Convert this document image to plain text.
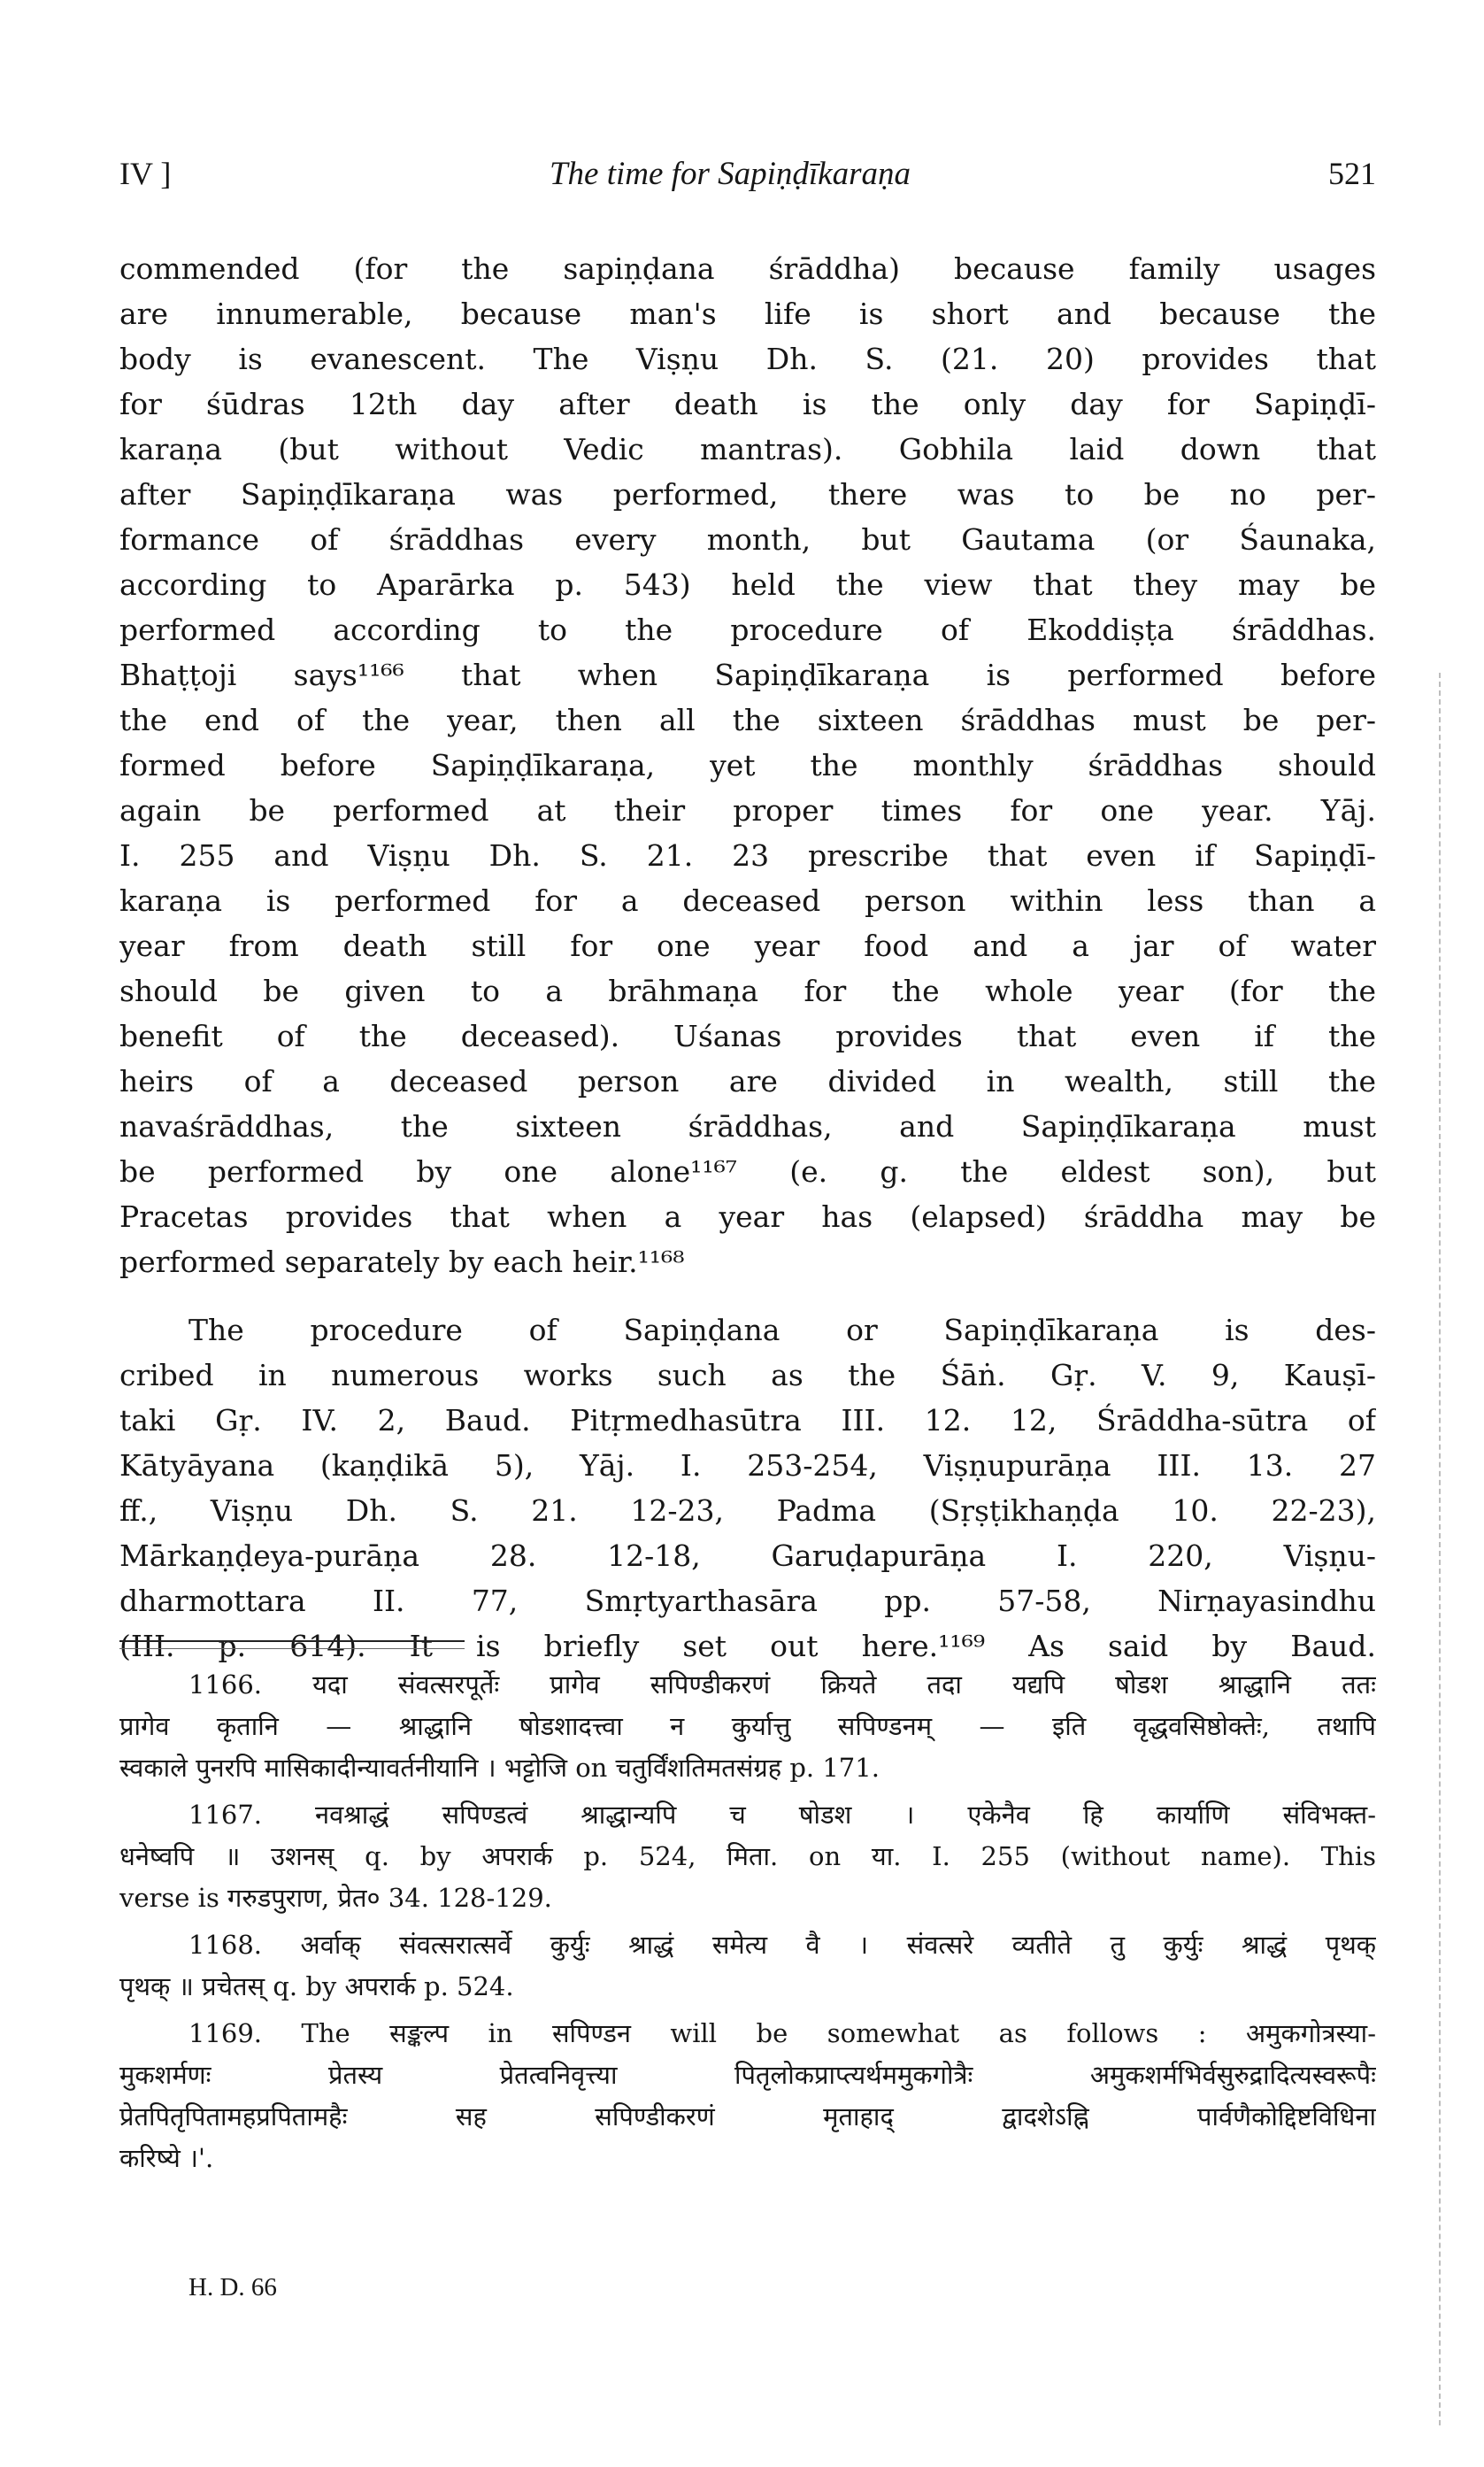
IV ]	The time for Sapiṇḍīkaraṇa	521
commended (for the sapiṇḍana śrāddha) because family usages
are innumerable, because man's life is short and because the
body is evanescent. The Viṣṇu Dh. S. (21. 20) provides that
for śūdras 12th day after death is the only day for Sapiṇḍī-
karaṇa (but without Vedic mantras). Gobhila laid down that
after Sapiṇḍīkaraṇa was performed, there was to be no per-
formance of śrāddhas every month, but Gautama (or Śaunaka,
according to Aparārka p. 543) held the view that they may be
performed according to the procedure of Ekoddiṣṭa śrāddhas.
Bhaṭṭoji says¹¹⁶⁶ that when Sapiṇḍīkaraṇa is performed before
the end of the year, then all the sixteen śrāddhas must be per-
formed before Sapiṇḍīkaraṇa, yet the monthly śrāddhas should
again be performed at their proper times for one year. Yāj.
I. 255 and Viṣṇu Dh. S. 21. 23 prescribe that even if Sapiṇḍī-
karaṇa is performed for a deceased person within less than a
year from death still for one year food and a jar of water
should be given to a brāhmaṇa for the whole year (for the
benefit of the deceased). Uśanas provides that even if the
heirs of a deceased person are divided in wealth, still the
navaśrāddhas, the sixteen śrāddhas, and Sapiṇḍīkaraṇa must
be performed by one alone¹¹⁶⁷ (e. g. the eldest son), but
Pracetas provides that when a year has (elapsed) śrāddha may be
performed separately by each heir.¹¹⁶⁸
The procedure of Sapiṇḍana or Sapiṇḍīkaraṇa is des-
cribed in numerous works such as the Śāṅ. Gṛ. V. 9, Kauṣī-
taki Gṛ. IV. 2, Baud. Pitṛmedhasūtra III. 12. 12, Śrāddha-sūtra of
Kātyāyana (kaṇḍikā 5), Yāj. I. 253-254, Viṣṇupurāṇa III. 13. 27
ff., Viṣṇu Dh. S. 21. 12-23, Padma (Sṛṣṭikhaṇḍa 10. 22-23),
Mārkaṇḍeya-purāṇa 28. 12-18, Garuḍapurāṇa I. 220, Viṣṇu-
dharmottara II. 77, Smṛtyarthasāra pp. 57-58, Nirṇayasindhu
(III. p. 614). It is briefly set out here.¹¹⁶⁹ As said by Baud.
1166. यदा संवत्सरपूर्तेः प्रागेव सपिण्डीकरणं क्रियते तदा यद्यपि षोडश श्राद्धानि ततः
प्रागेव कृतानि — श्राद्धानि षोडशादत्त्वा न कुर्यात्तु सपिण्डनम् — इति वृद्धवसिष्ठोक्तेः, तथापि
स्वकाले पुनरपि मासिकादीन्यावर्तनीयानि । भट्टोजि on चतुर्विंशतिमतसंग्रह p. 171.
1167. नवश्राद्धं सपिण्डत्वं श्राद्धान्यपि च षोडश । एकेनैव हि कार्याणि संविभक्त-
धनेष्वपि ॥ उशनस् q. by अपरार्क p. 524, मिता. on या. I. 255 (without name). This
verse is गरुडपुराण, प्रेत० 34. 128-129.
1168. अर्वाक् संवत्सरात्सर्वे कुर्युः श्राद्धं समेत्य वै । संवत्सरे व्यतीते तु कुर्युः श्राद्धं पृथक्
पृथक् ॥ प्रचेतस् q. by अपरार्क p. 524.
1169. The सङ्कल्प in सपिण्डन will be somewhat as follows : अमुकगोत्रस्या-
मुकशर्मणः प्रेतस्य प्रेतत्वनिवृत्त्या पितृलोकप्राप्त्यर्थममुकगोत्रैः अमुकशर्मभिर्वसुरुद्रादित्यस्वरूपैः
प्रेतपितृपितामहप्रपितामहैः सह सपिण्डीकरणं मृताहाद् द्वादशेऽह्नि पार्वणैकोद्दिष्टविधिना
करिष्ये ।'.
H. D. 66
